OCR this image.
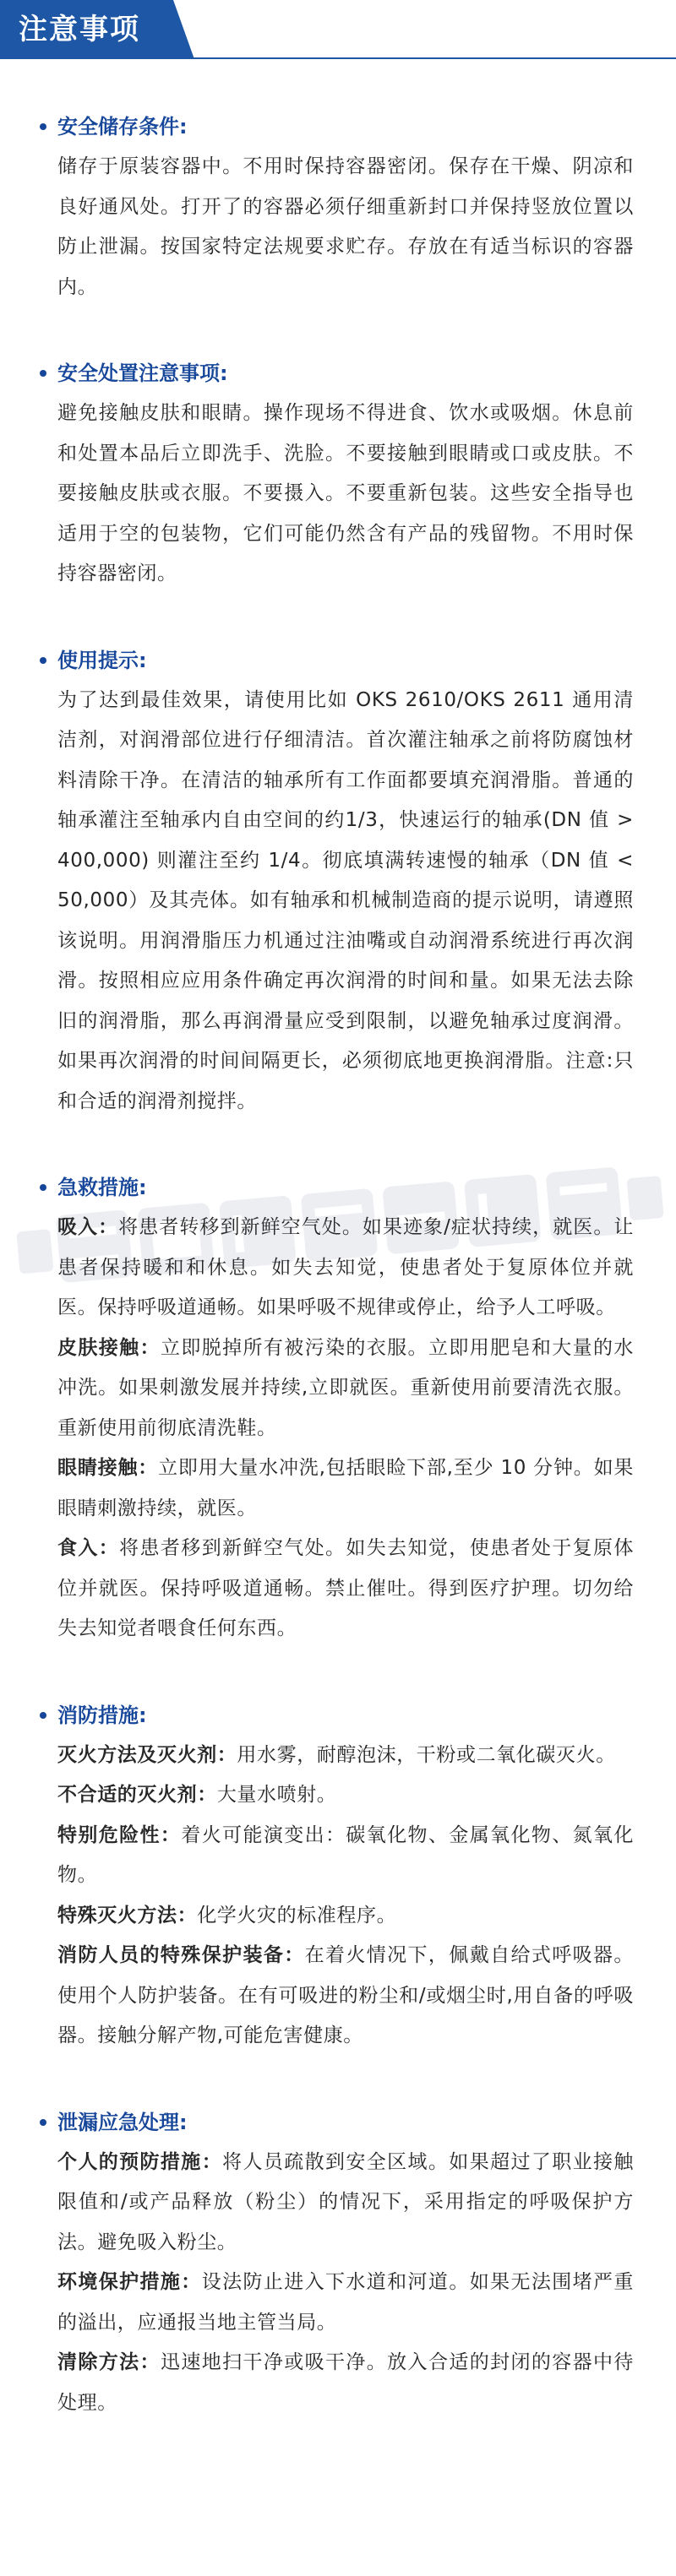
注意事项
安全储存条件:

储存于原装容器中。不用时保持容器密闭。保存在干燥、阴凉和良好通风处。打开了的容器必须仔细重新封口并保持竖放位置以防止泄漏。按国家特定法规要求贮存。存放在有适当标识的容器内。

安全处置注意事项:

避免接触皮肤和眼睛。操作现场不得进食、饮水或吸烟。休息前和处置本品后立即洗手、洗脸。不要接触到眼睛或口或皮肤。不要接触皮肤或衣服。不要摄入。不要重新包装。这些安全指导也适用于空的包装物，它们可能仍然含有产品的残留物。不用时保持容器密闭。

使用提示:

为了达到最佳效果，请使用比如 OKS 2610/OKS 2611 通用清洁剂，对润滑部位进行仔细清洁。首次灌注轴承之前将防腐蚀材料清除干净。在清洁的轴承所有工作面都要填充润滑脂。普通的轴承灌注至轴承内自由空间的约1/3，快速运行的轴承(DN 值 > 400,000) 则灌注至约 1/4。彻底填满转速慢的轴承（DN 值 < 50,000）及其壳体。如有轴承和机械制造商的提示说明，请遵照该说明。用润滑脂压力机通过注油嘴或自动润滑系统进行再次润滑。按照相应应用条件确定再次润滑的时间和量。如果无法去除旧的润滑脂，那么再润滑量应受到限制，以避免轴承过度润滑。如果再次润滑的时间间隔更长，必须彻底地更换润滑脂。注意:只和合适的润滑剂搅拌。

急救措施:

吸入：将患者转移到新鲜空气处。如果迹象/症状持续，就医。让患者保持暖和和休息。如失去知觉，使患者处于复原体位并就医。保持呼吸道通畅。如果呼吸不规律或停止，给予人工呼吸。

皮肤接触：立即脱掉所有被污染的衣服。立即用肥皂和大量的水冲洗。如果刺激发展并持续,立即就医。重新使用前要清洗衣服。重新使用前彻底清洗鞋。

眼睛接触：立即用大量水冲洗,包括眼睑下部,至少 10 分钟。如果眼睛刺激持续，就医。

食入：将患者移到新鲜空气处。如失去知觉，使患者处于复原体位并就医。保持呼吸道通畅。禁止催吐。得到医疗护理。切勿给失去知觉者喂食任何东西。

消防措施:

灭火方法及灭火剂：用水雾，耐醇泡沫，干粉或二氧化碳灭火。

不合适的灭火剂：大量水喷射。

特别危险性：着火可能演变出：碳氧化物、金属氧化物、氮氧化物。

特殊灭火方法：化学火灾的标准程序。

消防人员的特殊保护装备：在着火情况下，佩戴自给式呼吸器。使用个人防护装备。在有可吸进的粉尘和/或烟尘时,用自备的呼吸器。接触分解产物,可能危害健康。

泄漏应急处理:

个人的预防措施：将人员疏散到安全区域。如果超过了职业接触限值和/或产品释放（粉尘）的情况下，采用指定的呼吸保护方法。避免吸入粉尘。

环境保护措施：设法防止进入下水道和河道。如果无法围堵严重的溢出，应通报当地主管当局。

清除方法：迅速地扫干净或吸干净。放入合适的封闭的容器中待处理。
